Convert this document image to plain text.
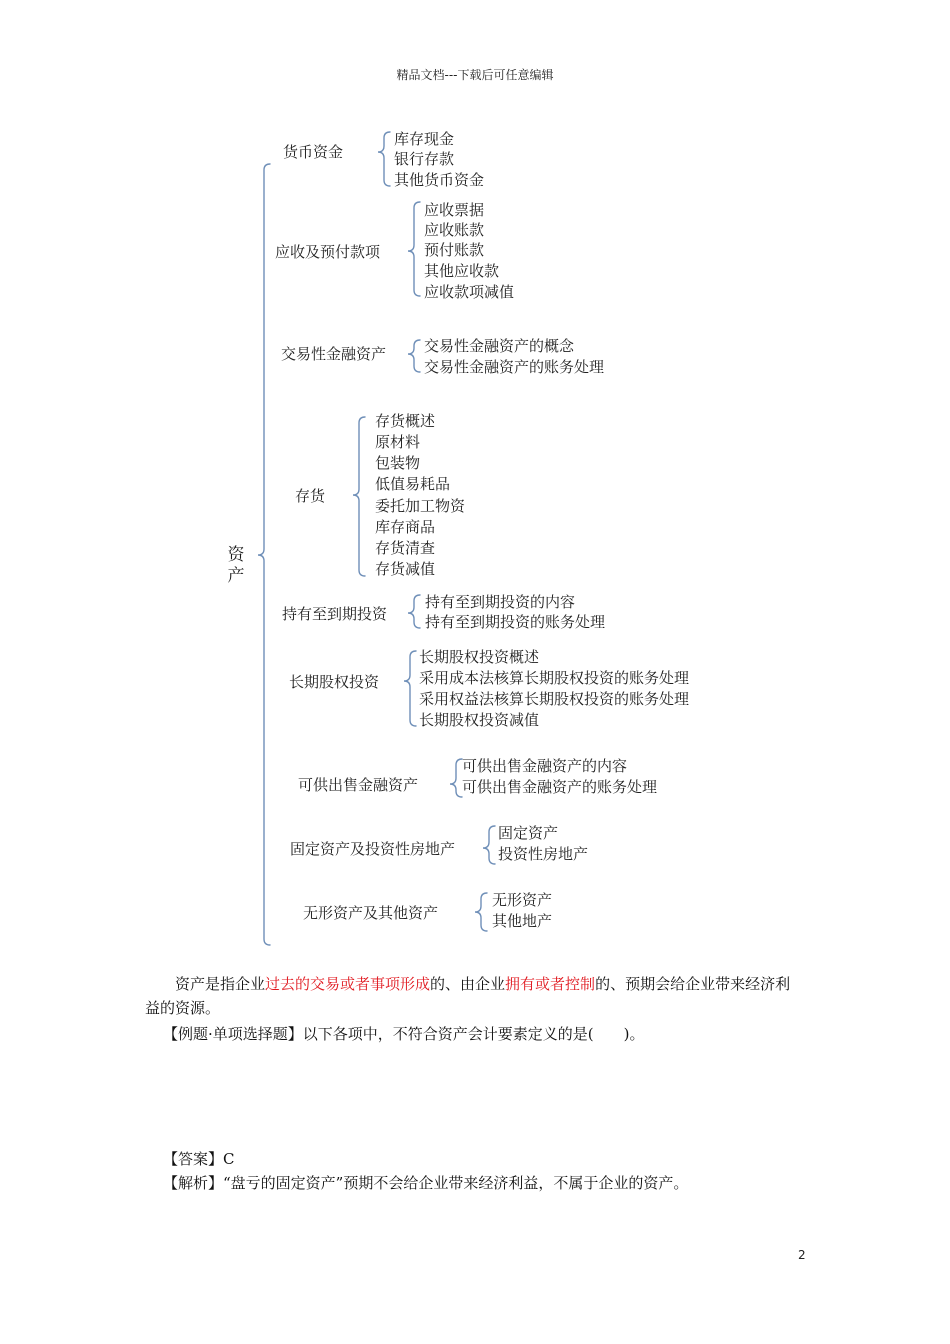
精品文档---下载后可任意编辑
资产
货币资金
库存现金
银行存款
其他货币资金
应收及预付款项
应收票据
应收账款
预付账款
其他应收款
应收款项减值
交易性金融资产	交易性金融资产的概念
交易性金融资产的账务处理
存货
存货概述
原材料
包装物
低值易耗品
委托加工物资
库存商品
存货清查
存货减值
持有至到期投资
持有至到期投资的内容
持有至到期投资的账务处理
长期股权投资
长期股权投资概述
采用成本法核算长期股权投资的账务处理
采用权益法核算长期股权投资的账务处理
长期股权投资减值
可供出售金融资产
可供出售金融资产的内容
可供出售金融资产的账务处理
固定资产及投资性房地产
固定资产
投资性房地产
无形资产及其他资产
无形资产
其他地产
资产是指企业过去的交易或者事项形成的、由企业拥有或者控制的、预期会给企业带来经济利益的资源。
【例题·单项选择题】以下各项中，不符合资产会计要素定义的是(　　)。
【答案】C
【解析】“盘亏的固定资产”预期不会给企业带来经济利益，不属于企业的资产。
2
